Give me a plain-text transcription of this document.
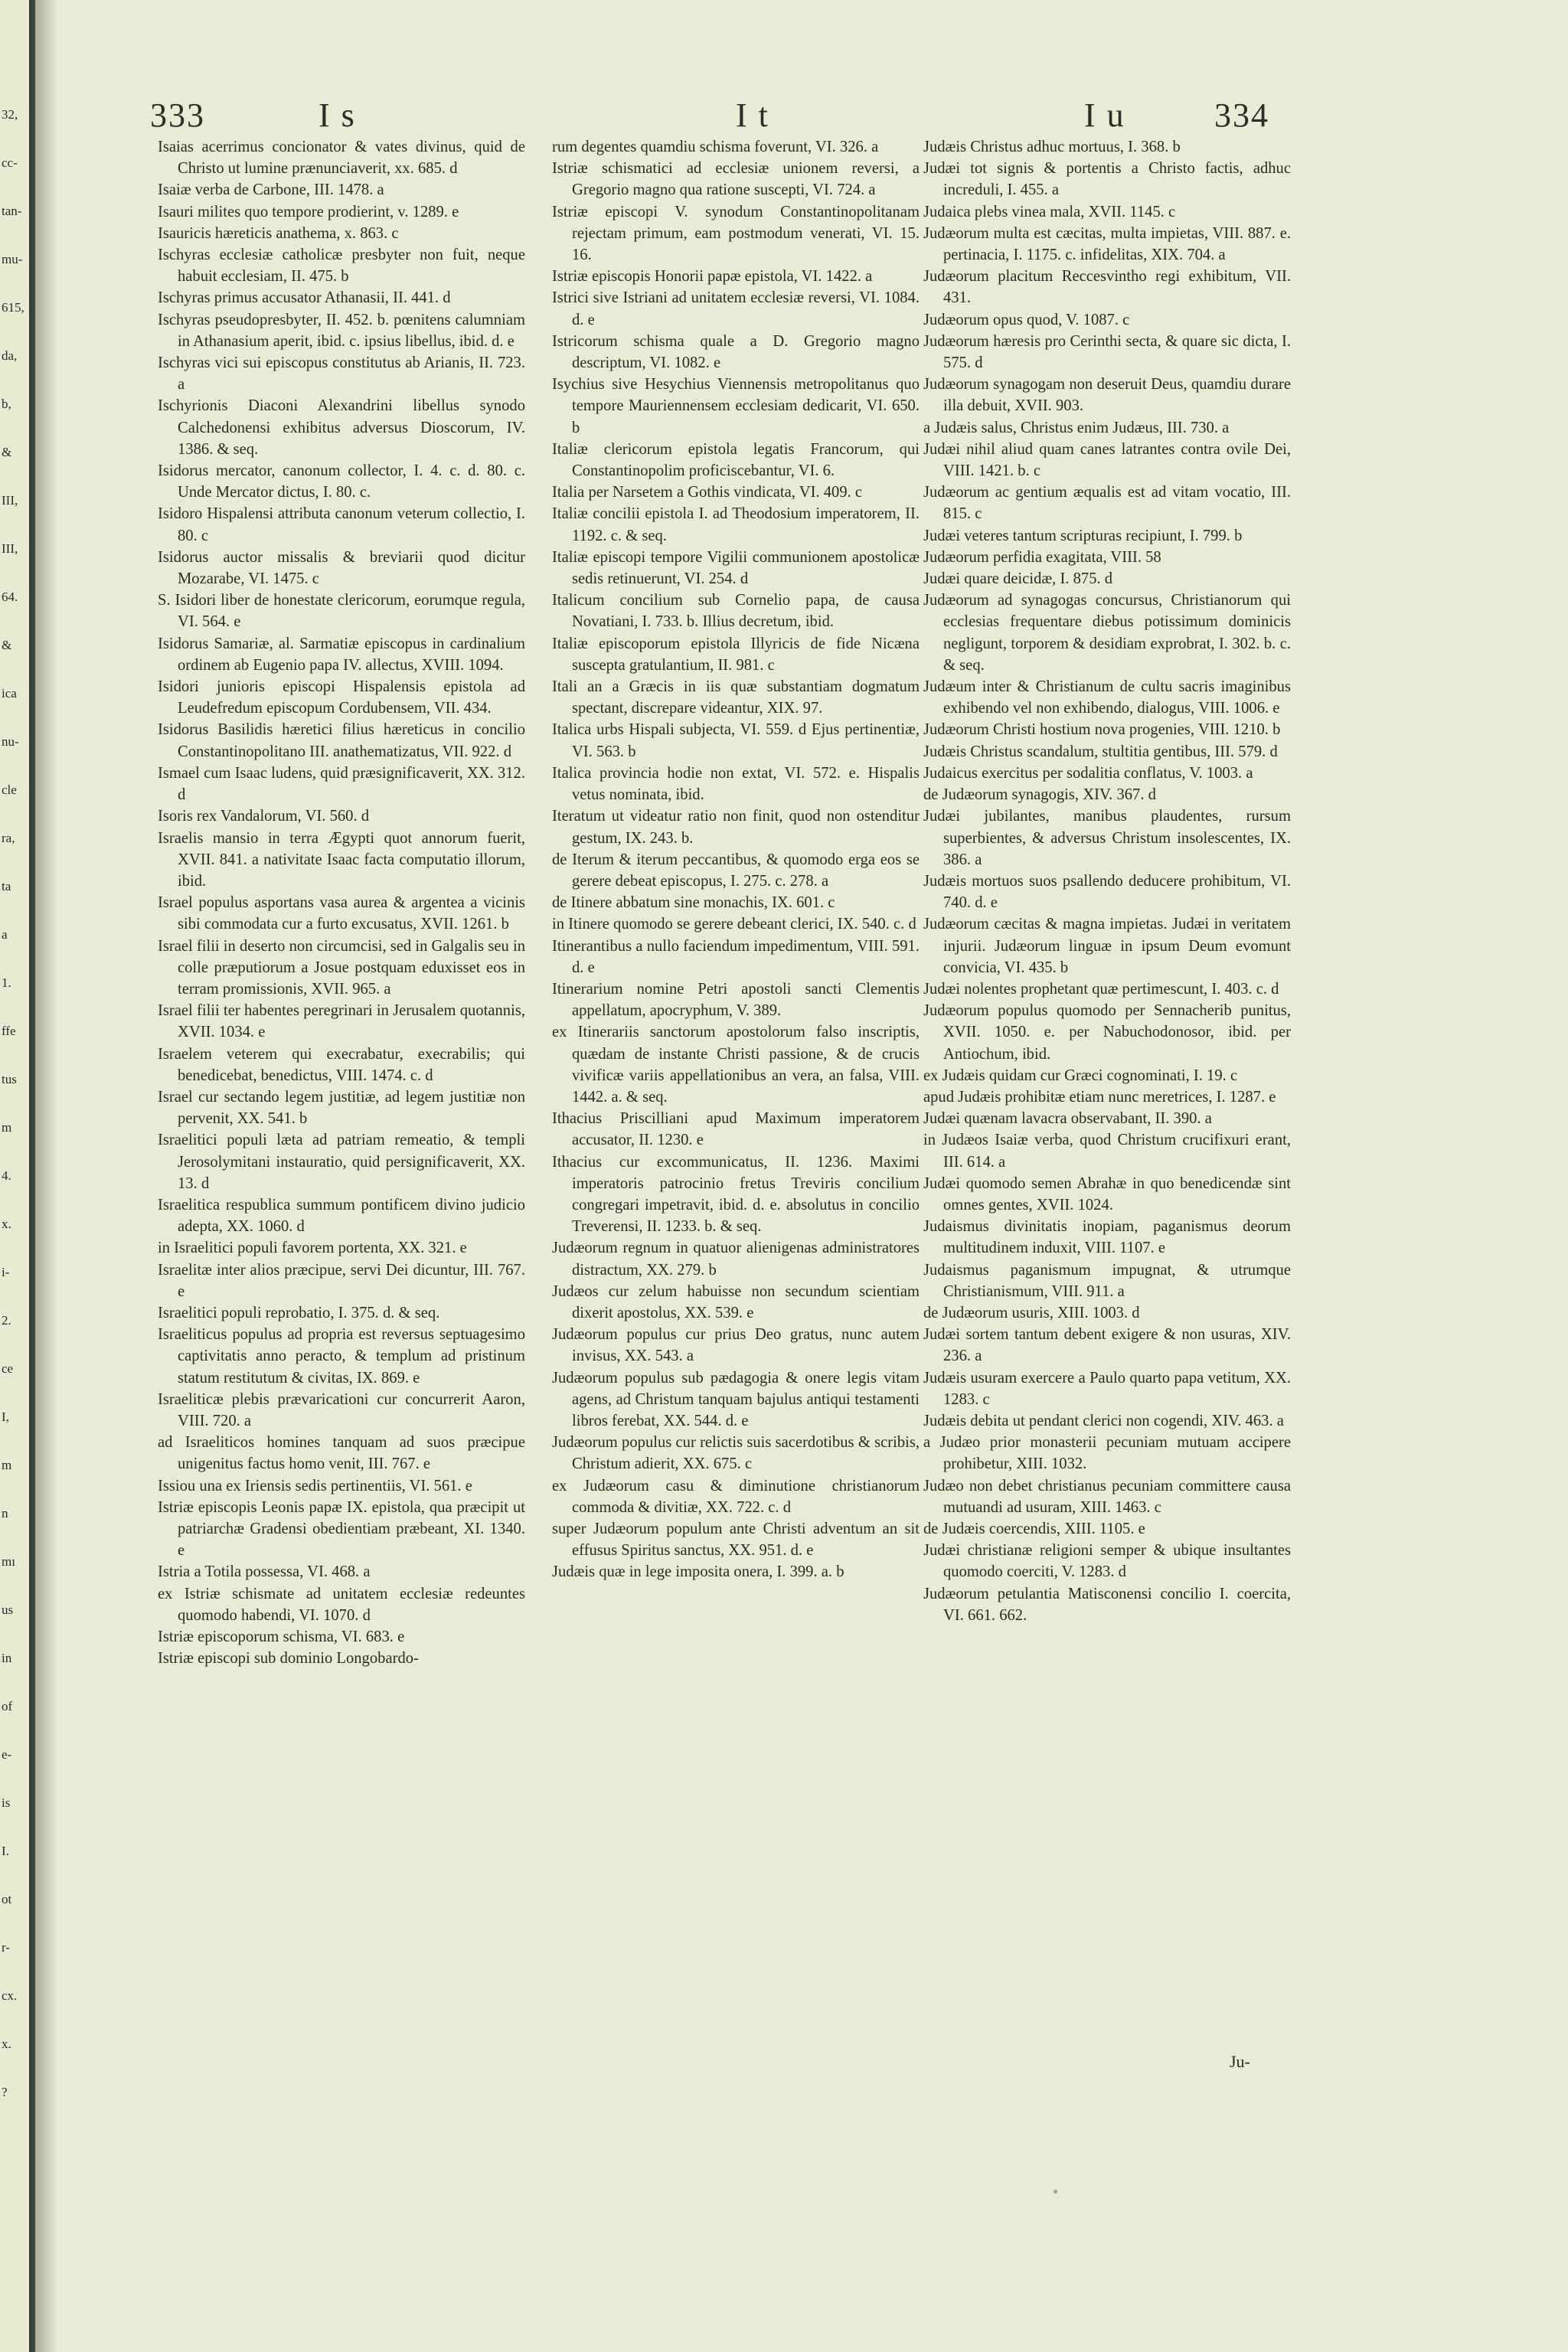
32,
cc-
tan-
mu-
615,
da,
b,
&
III,
III,
64.
&
ica
nu-
cle
ra,
ta
a
1.
ffe
tus
m
4.
x.
i-
2.
ce
I,
m
n
mı
us
in
of
e-
is
I.
ot
r-
cx.
x.
?
333	I s	I t	I u	334

Isaias acerrimus concionator & vates divinus, quid de Christo ut lumine prænunciaverit, xx. 685. d

Isaiæ verba de Carbone, III. 1478. a

Isauri milites quo tempore prodierint, v. 1289. e

Isauricis hæreticis anathema, x. 863. c

Ischyras ecclesiæ catholicæ presbyter non fuit, neque habuit ecclesiam, II. 475. b

Ischyras primus accusator Athanasii, II. 441. d

Ischyras pseudopresbyter, II. 452. b. pœnitens calumniam in Athanasium aperit, ibid. c. ipsius libellus, ibid. d. e

Ischyras vici sui episcopus constitutus ab Arianis, II. 723. a

Ischyrionis Diaconi Alexandrini libellus synodo Calchedonensi exhibitus adversus Dioscorum, IV. 1386. & seq.

Isidorus mercator, canonum collector, I. 4. c. d. 80. c. Unde Mercator dictus, I. 80. c.

Isidoro Hispalensi attributa canonum veterum collectio, I. 80. c

Isidorus auctor missalis & breviarii quod dicitur Mozarabe, VI. 1475. c

S. Isidori liber de honestate clericorum, eorumque regula, VI. 564. e

Isidorus Samariæ, al. Sarmatiæ episcopus in cardinalium ordinem ab Eugenio papa IV. allectus, XVIII. 1094.

Isidori junioris episcopi Hispalensis epistola ad Leudefredum episcopum Cordubensem, VII. 434.

Isidorus Basilidis hæretici filius hæreticus in concilio Constantinopolitano III. anathematizatus, VII. 922. d

Ismael cum Isaac ludens, quid præsignificaverit, XX. 312. d

Isoris rex Vandalorum, VI. 560. d

Israelis mansio in terra Ægypti quot annorum fuerit, XVII. 841. a nativitate Isaac facta computatio illorum, ibid.

Israel populus asportans vasa aurea & argentea a vicinis sibi commodata cur a furto excusatus, XVII. 1261. b

Israel filii in deserto non circumcisi, sed in Galgalis seu in colle præputiorum a Josue postquam eduxisset eos in terram promissionis, XVII. 965. a

Israel filii ter habentes peregrinari in Jerusalem quotannis, XVII. 1034. e

Israelem veterem qui execrabatur, execrabilis; qui benedicebat, benedictus, VIII. 1474. c. d

Israel cur sectando legem justitiæ, ad legem justitiæ non pervenit, XX. 541. b

Israelitici populi læta ad patriam remeatio, & templi Jerosolymitani instauratio, quid persignificaverit, XX. 13. d

Israelitica respublica summum pontificem divino judicio adepta, XX. 1060. d

in Israelitici populi favorem portenta, XX. 321. e

Israelitæ inter alios præcipue, servi Dei dicuntur, III. 767. e

Israelitici populi reprobatio, I. 375. d. & seq.

Israeliticus populus ad propria est reversus septuagesimo captivitatis anno peracto, & templum ad pristinum statum restitutum & civitas, IX. 869. e

Israeliticæ plebis prævaricationi cur concurrerit Aaron, VIII. 720. a

ad Israeliticos homines tanquam ad suos præcipue unigenitus factus homo venit, III. 767. e

Issiou una ex Iriensis sedis pertinentiis, VI. 561. e

Istriæ episcopis Leonis papæ IX. epistola, qua præcipit ut patriarchæ Gradensi obedientiam præbeant, XI. 1340. e

Istria a Totila possessa, VI. 468. a

ex Istriæ schismate ad unitatem ecclesiæ redeuntes quomodo habendi, VI. 1070. d

Istriæ episcoporum schisma, VI. 683. e

Istriæ episcopi sub dominio Longobardo-

rum degentes quamdiu schisma foverunt, VI. 326. a

Istriæ schismatici ad ecclesiæ unionem reversi, a Gregorio magno qua ratione suscepti, VI. 724. a

Istriæ episcopi V. synodum Constantinopolitanam rejectam primum, eam postmodum venerati, VI. 15. 16.

Istriæ episcopis Honorii papæ epistola, VI. 1422. a

Istrici sive Istriani ad unitatem ecclesiæ reversi, VI. 1084. d. e

Istricorum schisma quale a D. Gregorio magno descriptum, VI. 1082. e

Isychius sive Hesychius Viennensis metropolitanus quo tempore Mauriennensem ecclesiam dedicarit, VI. 650. b

Italiæ clericorum epistola legatis Francorum, qui Constantinopolim proficiscebantur, VI. 6.

Italia per Narsetem a Gothis vindicata, VI. 409. c

Italiæ concilii epistola I. ad Theodosium imperatorem, II. 1192. c. & seq.

Italiæ episcopi tempore Vigilii communionem apostolicæ sedis retinuerunt, VI. 254. d

Italicum concilium sub Cornelio papa, de causa Novatiani, I. 733. b. Illius decretum, ibid.

Italiæ episcoporum epistola Illyricis de fide Nicæna suscepta gratulantium, II. 981. c

Itali an a Græcis in iis quæ substantiam dogmatum spectant, discrepare videantur, XIX. 97.

Italica urbs Hispali subjecta, VI. 559. d Ejus pertinentiæ, VI. 563. b

Italica provincia hodie non extat, VI. 572. e. Hispalis vetus nominata, ibid.

Iteratum ut videatur ratio non finit, quod non ostenditur gestum, IX. 243. b.

de Iterum & iterum peccantibus, & quomodo erga eos se gerere debeat episcopus, I. 275. c. 278. a

de Itinere abbatum sine monachis, IX. 601. c

in Itinere quomodo se gerere debeant clerici, IX. 540. c. d

Itinerantibus a nullo faciendum impedimentum, VIII. 591. d. e

Itinerarium nomine Petri apostoli sancti Clementis appellatum, apocryphum, V. 389.

ex Itinerariis sanctorum apostolorum falso inscriptis, quædam de instante Christi passione, & de crucis vivificæ variis appellationibus an vera, an falsa, VIII. 1442. a. & seq.

Ithacius Priscilliani apud Maximum imperatorem accusator, II. 1230. e

Ithacius cur excommunicatus, II. 1236. Maximi imperatoris patrocinio fretus Treviris concilium congregari impetravit, ibid. d. e. absolutus in concilio Treverensi, II. 1233. b. & seq.

Judæorum regnum in quatuor alienigenas administratores distractum, XX. 279. b

Judæos cur zelum habuisse non secundum scientiam dixerit apostolus, XX. 539. e

Judæorum populus cur prius Deo gratus, nunc autem invisus, XX. 543. a

Judæorum populus sub pædagogia & onere legis vitam agens, ad Christum tanquam bajulus antiqui testamenti libros ferebat, XX. 544. d. e

Judæorum populus cur relictis suis sacerdotibus & scribis, Christum adierit, XX. 675. c

ex Judæorum casu & diminutione christianorum commoda & divitiæ, XX. 722. c. d

super Judæorum populum ante Christi adventum an sit effusus Spiritus sanctus, XX. 951. d. e

Judæis quæ in lege imposita onera, I. 399. a. b

Judæis Christus adhuc mortuus, I. 368. b

Judæi tot signis & portentis a Christo factis, adhuc increduli, I. 455. a

Judaica plebs vinea mala, XVII. 1145. c

Judæorum multa est cæcitas, multa impietas, VIII. 887. e. pertinacia, I. 1175. c. infidelitas, XIX. 704. a

Judæorum placitum Reccesvintho regi exhibitum, VII. 431.

Judæorum opus quod, V. 1087. c

Judæorum hæresis pro Cerinthi secta, & quare sic dicta, I. 575. d

Judæorum synagogam non deseruit Deus, quamdiu durare illa debuit, XVII. 903.

a Judæis salus, Christus enim Judæus, III. 730. a

Judæi nihil aliud quam canes latrantes contra ovile Dei, VIII. 1421. b. c

Judæorum ac gentium æqualis est ad vitam vocatio, III. 815. c

Judæi veteres tantum scripturas recipiunt, I. 799. b

Judæorum perfidia exagitata, VIII. 58

Judæi quare deicidæ, I. 875. d

Judæorum ad synagogas concursus, Christianorum qui ecclesias frequentare diebus potissimum dominicis negligunt, torporem & desidiam exprobrat, I. 302. b. c. & seq.

Judæum inter & Christianum de cultu sacris imaginibus exhibendo vel non exhibendo, dialogus, VIII. 1006. e

Judæorum Christi hostium nova progenies, VIII. 1210. b

Judæis Christus scandalum, stultitia gentibus, III. 579. d

Judaicus exercitus per sodalitia conflatus, V. 1003. a

de Judæorum synagogis, XIV. 367. d

Judæi jubilantes, manibus plaudentes, rursum superbientes, & adversus Christum insolescentes, IX. 386. a

Judæis mortuos suos psallendo deducere prohibitum, VI. 740. d. e

Judæorum cæcitas & magna impietas. Judæi in veritatem injurii. Judæorum linguæ in ipsum Deum evomunt convicia, VI. 435. b

Judæi nolentes prophetant quæ pertimescunt, I. 403. c. d

Judæorum populus quomodo per Sennacherib punitus, XVII. 1050. e. per Nabuchodonosor, ibid. per Antiochum, ibid.

ex Judæis quidam cur Græci cognominati, I. 19. c

apud Judæis prohibitæ etiam nunc meretrices, I. 1287. e

Judæi quænam lavacra observabant, II. 390. a

in Judæos Isaiæ verba, quod Christum crucifixuri erant, III. 614. a

Judæi quomodo semen Abrahæ in quo benedicendæ sint omnes gentes, XVII. 1024.

Judaismus divinitatis inopiam, paganismus deorum multitudinem induxit, VIII. 1107. e

Judaismus paganismum impugnat, & utrumque Christianismum, VIII. 911. a

de Judæorum usuris, XIII. 1003. d

Judæi sortem tantum debent exigere & non usuras, XIV. 236. a

Judæis usuram exercere a Paulo quarto papa vetitum, XX. 1283. c

Judæis debita ut pendant clerici non cogendi, XIV. 463. a

a Judæo prior monasterii pecuniam mutuam accipere prohibetur, XIII. 1032.

Judæo non debet christianus pecuniam committere causa mutuandi ad usuram, XIII. 1463. c

de Judæis coercendis, XIII. 1105. e

Judæi christianæ religioni semper & ubique insultantes quomodo coerciti, V. 1283. d

Judæorum petulantia Matisconensi concilio I. coercita, VI. 661. 662.

Ju-
